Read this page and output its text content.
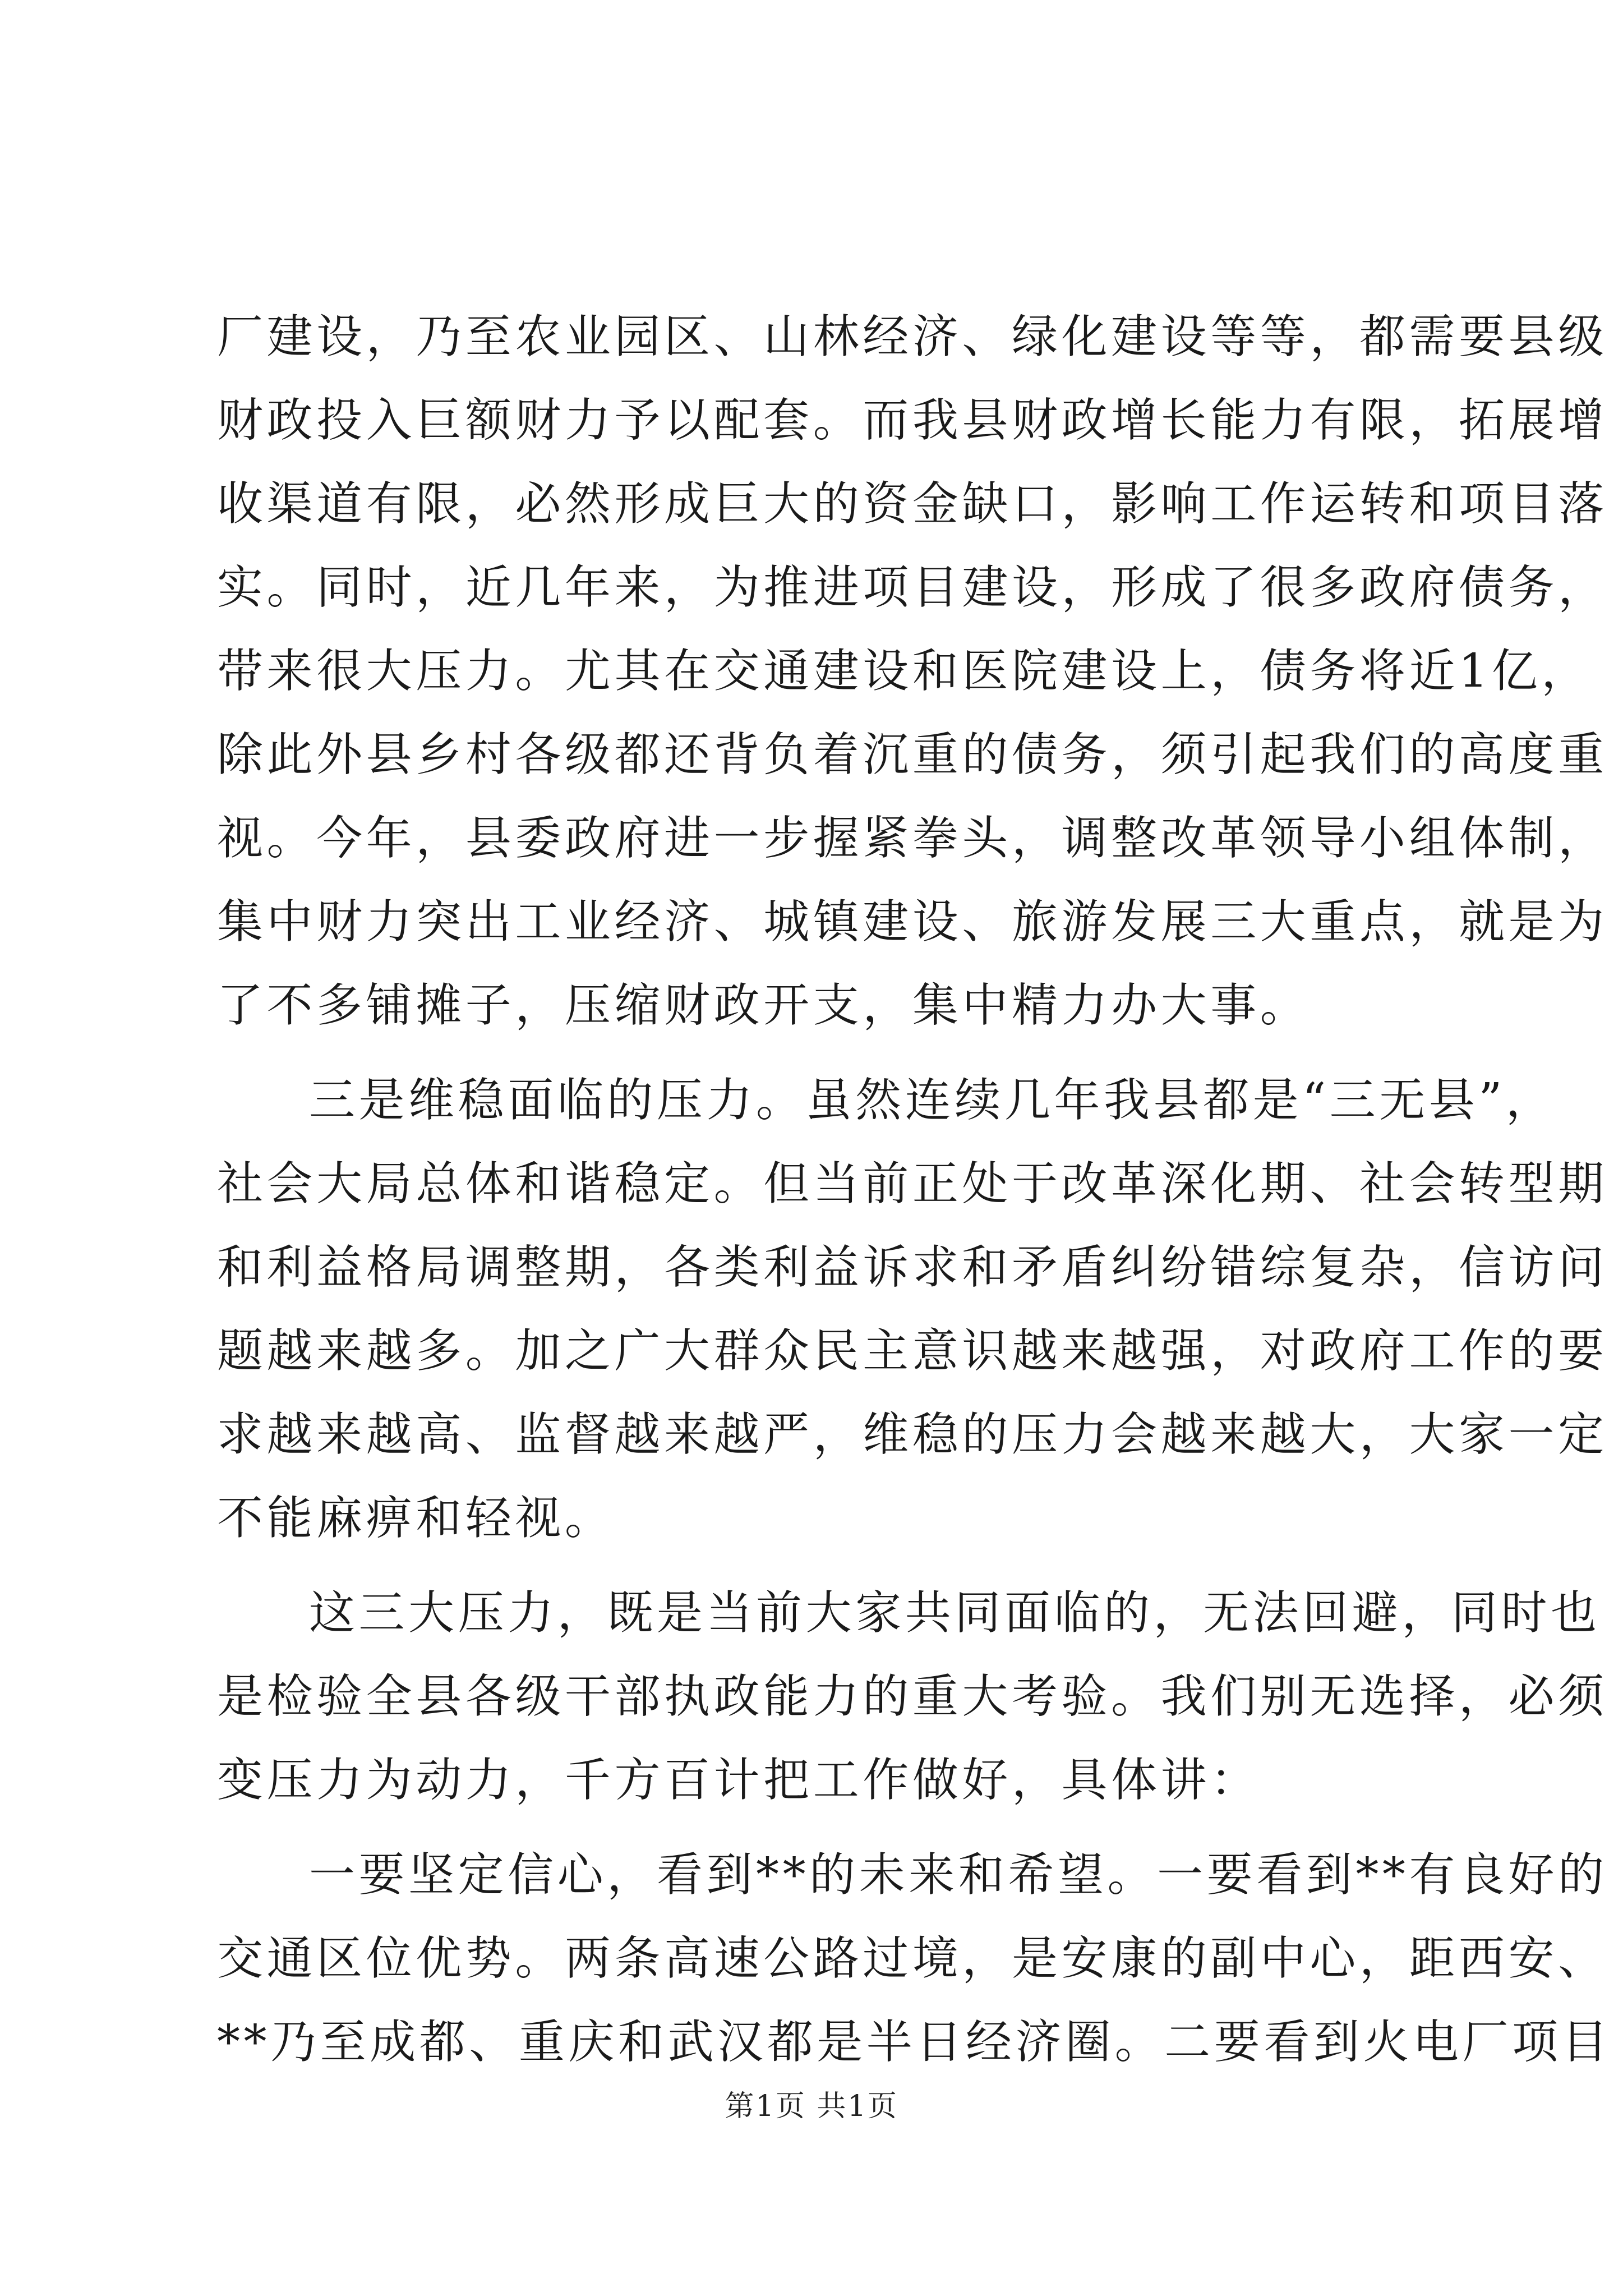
厂建设，乃至农业园区、山林经济、绿化建设等等，都需要县级
财政投入巨额财力予以配套。而我县财政增长能力有限，拓展增
收渠道有限，必然形成巨大的资金缺口，影响工作运转和项目落
实。同时，近几年来，为推进项目建设，形成了很多政府债务，
带来很大压力。尤其在交通建设和医院建设上，债务将近1亿，
除此外县乡村各级都还背负着沉重的债务，须引起我们的高度重
视。今年，县委政府进一步握紧拳头，调整改革领导小组体制，
集中财力突出工业经济、城镇建设、旅游发展三大重点，就是为
了不多铺摊子，压缩财政开支，集中精力办大事。
三是维稳面临的压力。虽然连续几年我县都是“三无县”，
社会大局总体和谐稳定。但当前正处于改革深化期、社会转型期
和利益格局调整期，各类利益诉求和矛盾纠纷错综复杂，信访问
题越来越多。加之广大群众民主意识越来越强，对政府工作的要
求越来越高、监督越来越严，维稳的压力会越来越大，大家一定
不能麻痹和轻视。
这三大压力，既是当前大家共同面临的，无法回避，同时也
是检验全县各级干部执政能力的重大考验。我们别无选择，必须
变压力为动力，千方百计把工作做好，具体讲：
一要坚定信心，看到**的未来和希望。一要看到**有良好的
交通区位优势。两条高速公路过境，是安康的副中心，距西安、
**乃至成都、重庆和武汉都是半日经济圈。二要看到火电厂项目
第1页 共1页
